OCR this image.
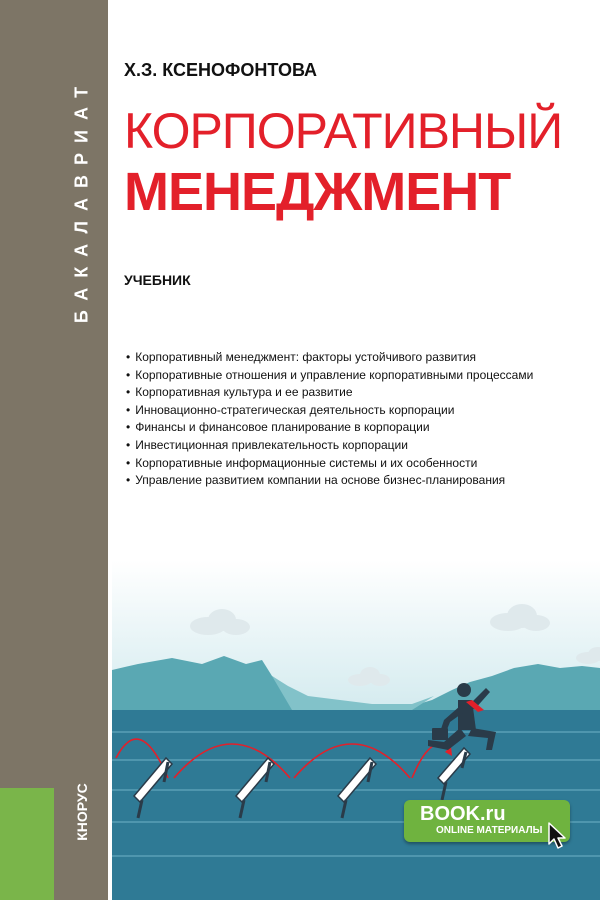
БАКАЛАВРИАТ
КНОРУС
Х.З. КСЕНОФОНТОВА
КОРПОРАТИВНЫЙ
МЕНЕДЖМЕНТ
УЧЕБНИК
• Корпоративный менеджмент: факторы устойчивого развития
• Корпоративные отношения и управление корпоративными процессами
• Корпоративная культура и ее развитие
• Инновационно-стратегическая деятельность корпорации
• Финансы и финансовое планирование в корпорации
• Инвестиционная привлекательность корпорации
• Корпоративные информационные системы и их особенности
• Управление развитием компании на основе бизнес-планирования
BOOK.ru
ONLINE МАТЕРИАЛЫ
